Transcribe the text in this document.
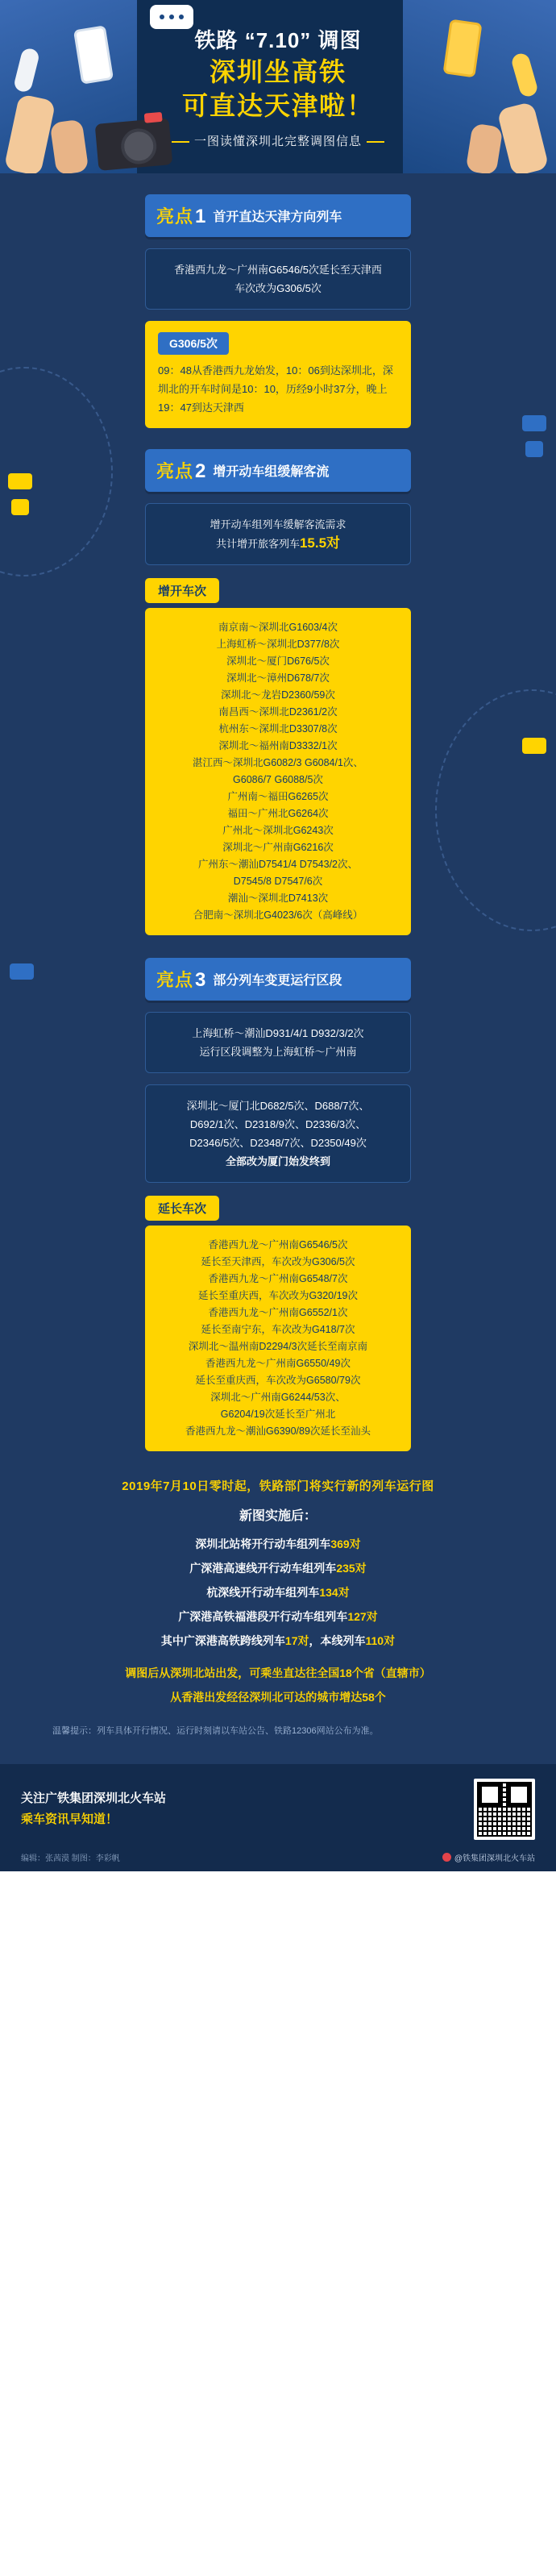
铁路 “7.10” 调图
深圳坐高铁
可直达天津啦！
一图读懂深圳北完整调图信息
亮点1 首开直达天津方向列车
香港西九龙～广州南G6546/5次延长至天津西
车次改为G306/5次
G306/5次
09：48从香港西九龙始发，10：06到达深圳北，深圳北的开车时间是10：10，历经9小时37分，晚上19：47到达天津西
亮点2 增开动车组缓解客流
增开动车组列车缓解客流需求
共计增开旅客列车15.5对
增开车次
南京南～深圳北G1603/4次
上海虹桥～深圳北D377/8次
深圳北～厦门D676/5次
深圳北～漳州D678/7次
深圳北～龙岩D2360/59次
南昌西～深圳北D2361/2次
杭州东～深圳北D3307/8次
深圳北～福州南D3332/1次
湛江西～深圳北G6082/3 G6084/1次、
G6086/7 G6088/5次
广州南～福田G6265次
福田～广州北G6264次
广州北～深圳北G6243次
深圳北～广州南G6216次
广州东～潮汕D7541/4 D7543/2次、
D7545/8 D7547/6次
潮汕～深圳北D7413次
合肥南～深圳北G4023/6次（高峰线）
亮点3 部分列车变更运行区段
上海虹桥～潮汕D931/4/1 D932/3/2次
运行区段调整为上海虹桥～广州南
深圳北～厦门北D682/5次、D688/7次、
D692/1次、D2318/9次、D2336/3次、
D2346/5次、D2348/7次、D2350/49次
全部改为厦门始发终到
延长车次
香港西九龙～广州南G6546/5次
延长至天津西，车次改为G306/5次
香港西九龙～广州南G6548/7次
延长至重庆西，车次改为G320/19次
香港西九龙～广州南G6552/1次
延长至南宁东，车次改为G418/7次
深圳北～温州南D2294/3次延长至南京南
香港西九龙～广州南G6550/49次
延长至重庆西，车次改为G6580/79次
深圳北～广州南G6244/53次、
G6204/19次延长至广州北
香港西九龙～潮汕G6390/89次延长至汕头
2019年7月10日零时起，铁路部门将实行新的列车运行图
新图实施后：
深圳北站将开行动车组列车369对
广深港高速线开行动车组列车235对
杭深线开行动车组列车134对
广深港高铁福港段开行动车组列车127对
其中广深港高铁跨线列车17对，本线列车110对
调图后从深圳北站出发，可乘坐直达往全国18个省（直辖市）
从香港出发经径深圳北可达的城市增达58个
温馨提示：列车具体开行情况、运行时刻请以车站公告、铁路12306网站公布为准。
关注广铁集团深圳北火车站
乘车资讯早知道！
编辑：张茜漠 制图：李彩帆	@铁集团深圳北火车站
